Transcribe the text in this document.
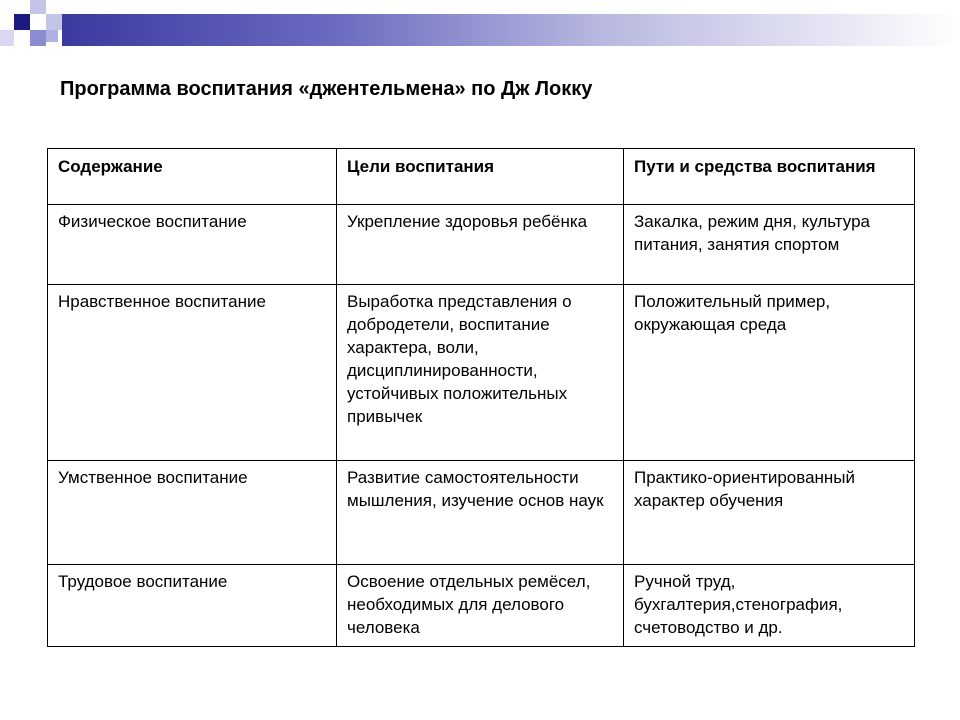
Программа воспитания «джентельмена» по Дж Локку
Содержание	Цели воспитания	Пути и средства воспитания
Физическое воспитание	Укрепление здоровья ребёнка	Закалка, режим дня, культура питания, занятия спортом
Нравственное воспитание	Выработка представления о добродетели, воспитание характера, воли, дисциплинированности, устойчивых положительных привычек	Положительный пример, окружающая среда
Умственное воспитание	Развитие самостоятельности мышления, изучение основ наук	Практико-ориентированный характер обучения
Трудовое воспитание	Освоение отдельных ремёсел, необходимых для делового человека	Ручной труд, бухгалтерия,стенография, счетоводство и др.
